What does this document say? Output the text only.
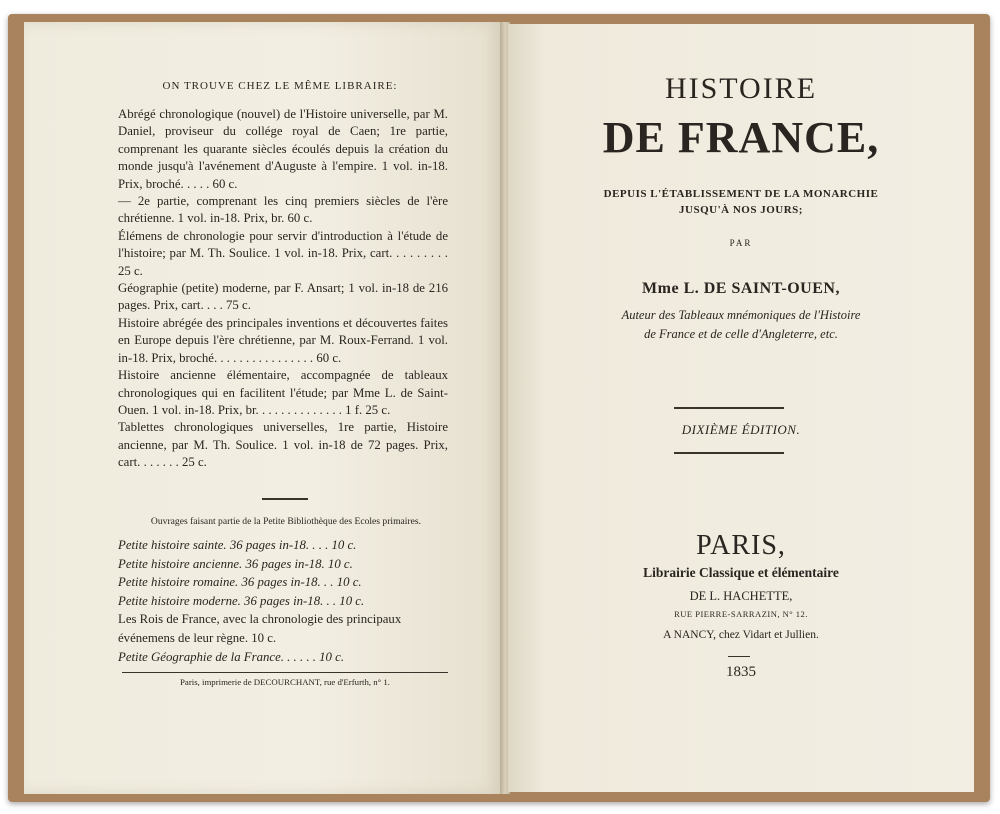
ON TROUVE CHEZ LE MÊME LIBRAIRE:

Abrégé chronologique (nouvel) de l'Histoire universelle, par M. Daniel, proviseur du collége royal de Caen; 1re partie, comprenant les quarante siècles écoulés depuis la création du monde jusqu'à l'avénement d'Auguste à l'empire. 1 vol. in-18. Prix, broché. . . . . 60 c.

— 2e partie, comprenant les cinq premiers siècles de l'ère chrétienne. 1 vol. in-18. Prix, br. 60 c.

Élémens de chronologie pour servir d'introduction à l'étude de l'histoire; par M. Th. Soulice. 1 vol. in-18. Prix, cart. . . . . . . . . 25 c.

Géographie (petite) moderne, par F. Ansart; 1 vol. in-18 de 216 pages. Prix, cart. . . . 75 c.

Histoire abrégée des principales inventions et découvertes faites en Europe depuis l'ère chrétienne, par M. Roux-Ferrand. 1 vol. in-18. Prix, broché. . . . . . . . . . . . . . . . 60 c.

Histoire ancienne élémentaire, accompagnée de tableaux chronologiques qui en facilitent l'étude; par Mme L. de Saint-Ouen. 1 vol. in-18. Prix, br. . . . . . . . . . . . . . 1 f. 25 c.

Tablettes chronologiques universelles, 1re partie, Histoire ancienne, par M. Th. Soulice. 1 vol. in-18 de 72 pages. Prix, cart. . . . . . . 25 c.

Ouvrages faisant partie de la Petite Bibliothèque des Ecoles primaires.

Petite histoire sainte. 36 pages in-18. . . . 10 c.

Petite histoire ancienne. 36 pages in-18. 10 c.

Petite histoire romaine. 36 pages in-18. . . 10 c.

Petite histoire moderne. 36 pages in-18. . . 10 c.

Les Rois de France, avec la chronologie des principaux événemens de leur règne. 10 c.

Petite Géographie de la France. . . . . . 10 c.

Paris, imprimerie de DECOURCHANT, rue d'Erfurth, n° 1.
HISTOIRE
DE FRANCE,
DEPUIS L'ÉTABLISSEMENT DE LA MONARCHIE
JUSQU'À NOS JOURS;
PAR
Mme L. DE SAINT-OUEN,
Auteur des Tableaux mnémoniques de l'Histoire
de France et de celle d'Angleterre, etc.
DIXIÈME ÉDITION.
PARIS,
Librairie Classique et élémentaire
DE L. HACHETTE,
RUE PIERRE-SARRAZIN, N° 12.
A NANCY, chez Vidart et Jullien.
1835
